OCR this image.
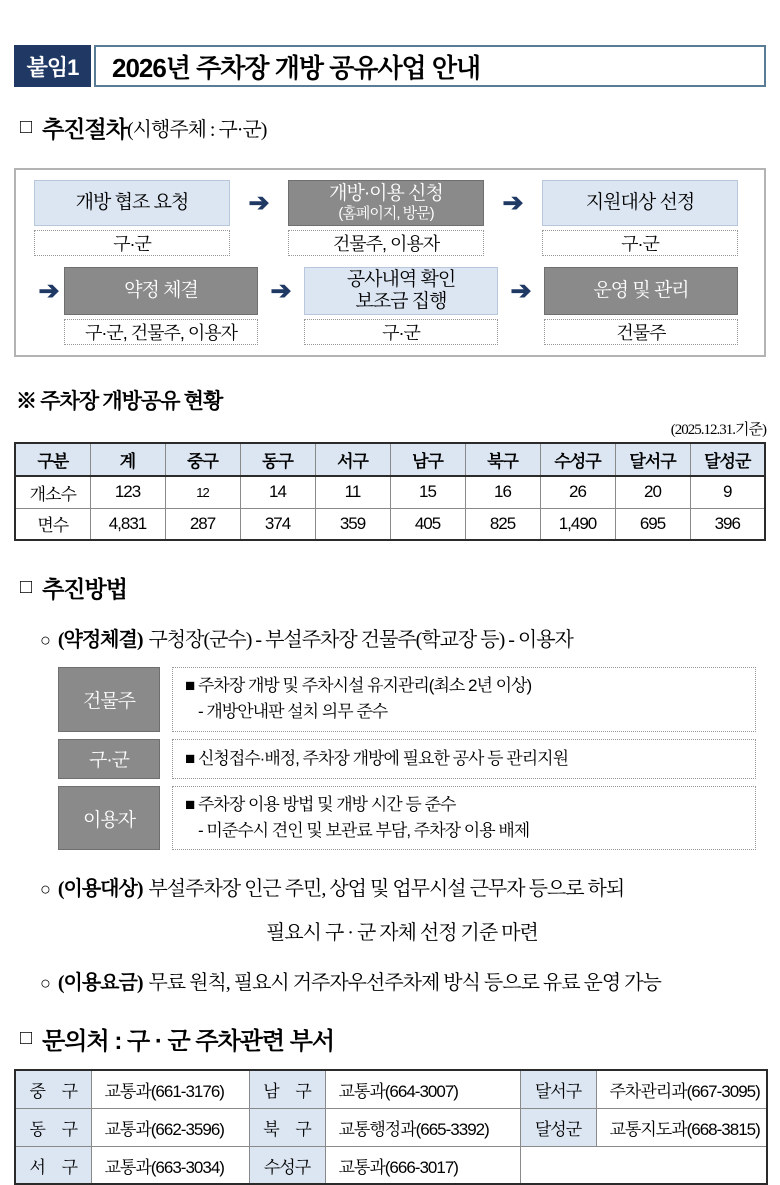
붙임1	2026년 주차장 개방 공유사업 안내
□ 추진절차 (시행주체 : 구·군)
개방 협조 요청
구·군
➔	개방·이용 신청
(홈페이지, 방문)
건물주, 이용자
➔	지원대상 선정
구·군
➔	약정 체결
구·군, 건물주, 이용자
➔	공사내역 확인
보조금 집행
구·군
➔	운영 및 관리
건물주
※ 주차장 개방공유 현황
(2025.12.31.기준)
구분	계	중구	동구	서구	남구	북구	수성구	달서구	달성군
개소수	123	12	14	11	15	16	26	20	9
면수	4,831	287	374	359	405	825	1,490	695	396
□ 추진방법
○ (약정체결) 구청장(군수) - 부설주차장 건물주(학교장 등) - 이용자
건물주
■ 주차장 개방 및 주차시설 유지관리(최소 2년 이상)
- 개방안내판 설치 의무 준수
구·군	■ 신청접수·배정, 주차장 개방에 필요한 공사 등 관리지원
이용자
■ 주차장 이용 방법 및 개방 시간 등 준수
- 미준수시 견인 및 보관료 부담, 주차장 이용 배제
○ (이용대상) 부설주차장 인근 주민, 상업 및 업무시설 근무자 등으로 하되
필요시 구 · 군 자체 선정 기준 마련
○ (이용요금) 무료 원칙, 필요시 거주자우선주차제 방식 등으로 유료 운영 가능
□ 문의처 : 구 · 군 주차관련 부서
중 구	교통과(661-3176)	남 구	교통과(664-3007)	달서구	주차관리과(667-3095)
동 구	교통과(662-3596)	북 구	교통행정과(665-3392)	달성군	교통지도과(668-3815)
서 구	교통과(663-3034)	수성구	교통과(666-3017)		
